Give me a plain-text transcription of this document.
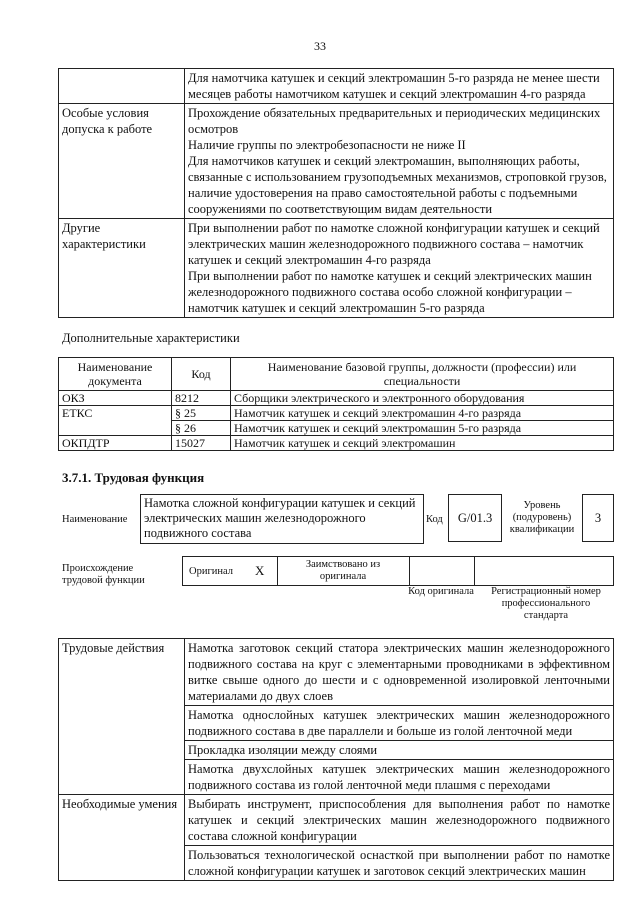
33
	Для намотчика катушек и секций электромашин 5-го разряда не менее шести месяцев работы намотчиком катушек и секций электромашин 4-го разряда
Особые условия допуска к работе	Прохождение обязательных предварительных и периодических медицинских осмотров
Наличие группы по электробезопасности не ниже II
Для намотчиков катушек и секций электромашин, выполняющих работы, связанные с использованием грузоподъемных механизмов, строповкой грузов, наличие удостоверения на право самостоятельной работы с подъемными сооружениями по соответствующим видам деятельности

Другие характеристики	При выполнении работ по намотке сложной конфигурации катушек и секций электрических машин железнодорожного подвижного состава – намотчик катушек и секций электромашин 4-го разряда
При выполнении работ по намотке катушек и секций электрических машин железнодорожного подвижного состава особо сложной конфигурации – намотчик катушек и секций электромашин 5-го разряда
Дополнительные характеристики
Наименование документа	Код	Наименование базовой группы, должности (профессии) или специальности
ОКЗ	8212	Сборщики электрического и электронного оборудования
ЕТКС	§ 25	Намотчик катушек и секций электромашин 4-го разряда
	§ 26	Намотчик катушек и секций электромашин 5-го разряда
ОКПДТР	15027	Намотчик катушек и секций электромашин
3.7.1. Трудовая функция
Наименование
Намотка сложной конфигурации катушек и секций электрических машин железнодорожного подвижного состава
Код	G/01.3
Уровень (подуровень) квалификации
3
Происхождение трудовой функции
Оригинал X	Заимствовано из оригинала
Код оригинала	Регистрационный номер профессионального стандарта
Трудовые действия	Намотка заготовок секций статора электрических машин железнодорожного подвижного состава на круг с элементарными проводниками в эффективном витке свыше одного до шести и с одновременной изолировкой ленточными материалами до двух слоев
	Намотка однослойных катушек электрических машин железнодорожного подвижного состава в две параллели и больше из голой ленточной меди
	Прокладка изоляции между слоями
	Намотка двухслойных катушек электрических машин железнодорожного подвижного состава из голой ленточной меди плашмя с переходами
Необходимые умения	Выбирать инструмент, приспособления для выполнения работ по намотке катушек и секций электрических машин железнодорожного подвижного состава сложной конфигурации
	Пользоваться технологической оснасткой при выполнении работ по намотке сложной конфигурации катушек и заготовок секций электрических машин
